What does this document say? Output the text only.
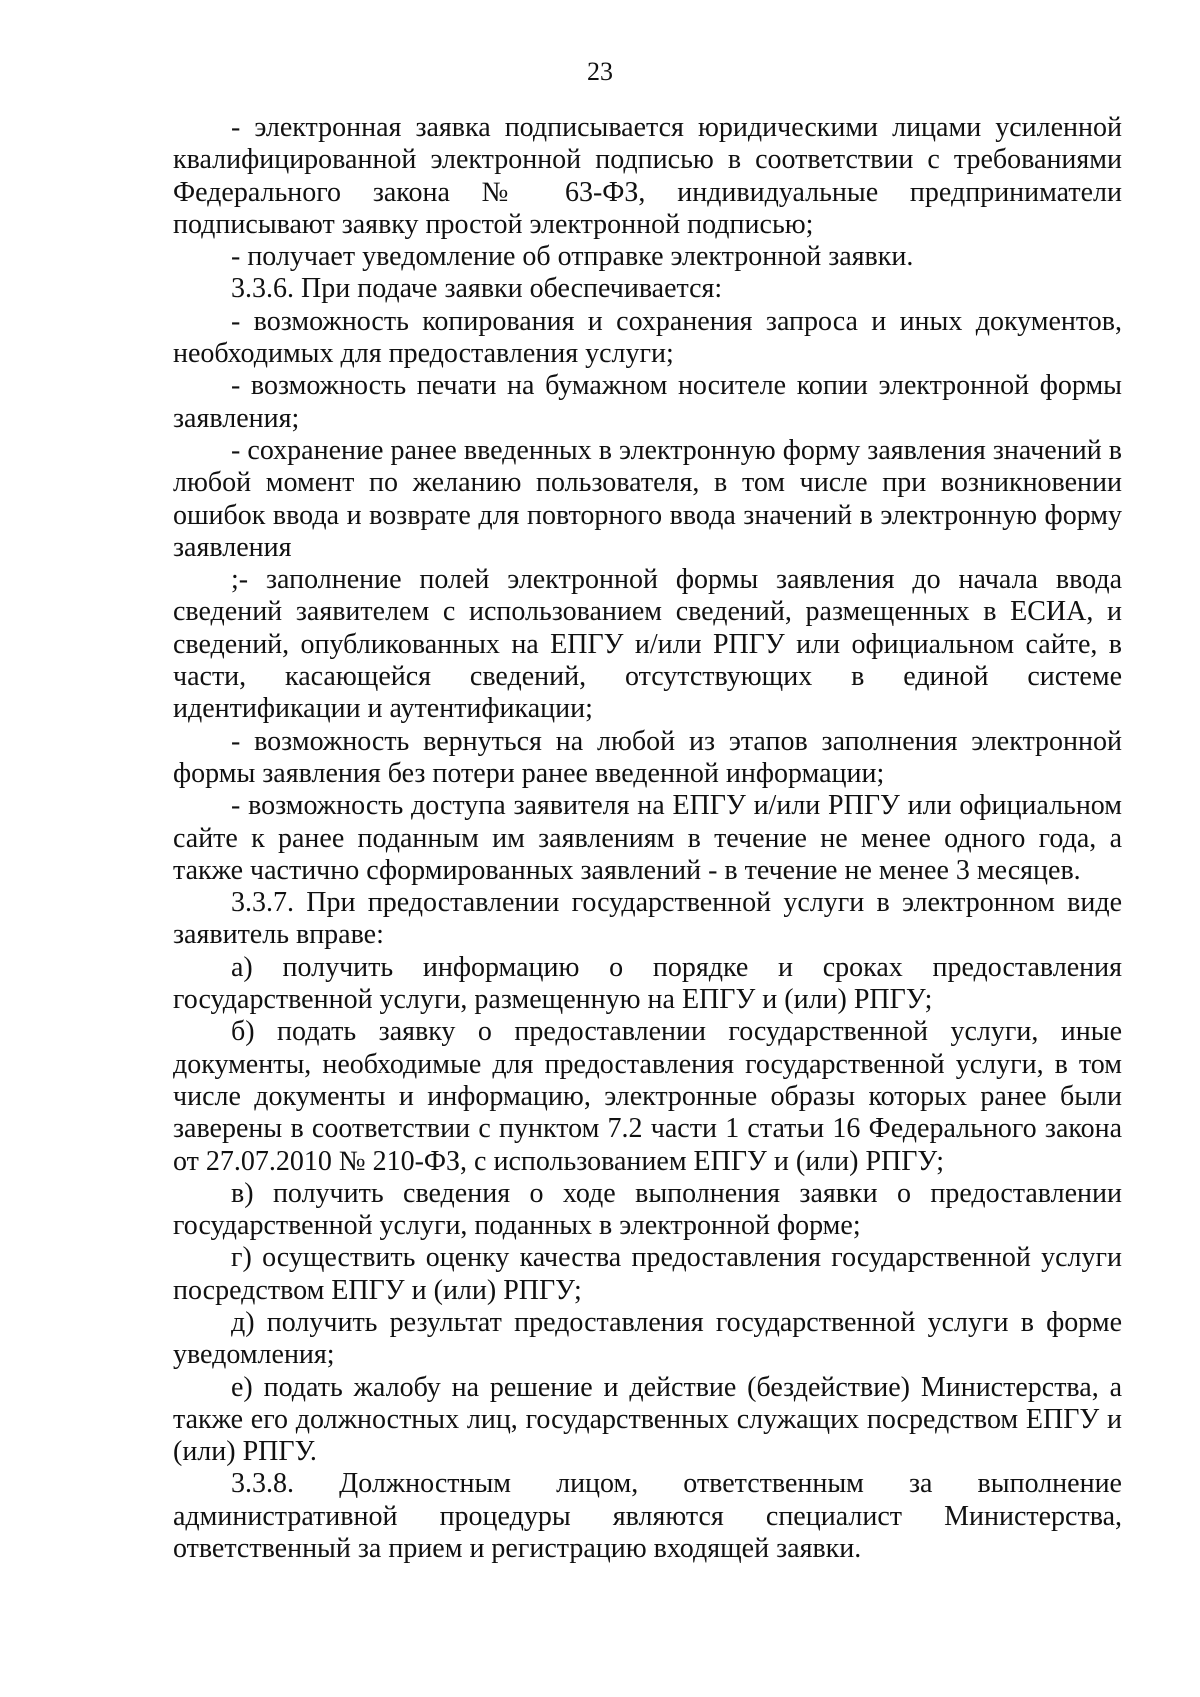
23

- электронная заявка подписывается юридическими лицами усиленной квалифицированной электронной подписью в соответствии с требованиями Федерального закона № 63-ФЗ, индивидуальные предприниматели подписывают заявку простой электронной подписью;

- получает уведомление об отправке электронной заявки.

3.3.6. При подаче заявки обеспечивается:

- возможность копирования и сохранения запроса и иных документов, необходимых для предоставления услуги;

- возможность печати на бумажном носителе копии электронной формы заявления;

- сохранение ранее введенных в электронную форму заявления значений в любой момент по желанию пользователя, в том числе при возникновении ошибок ввода и возврате для повторного ввода значений в электронную форму заявления

;- заполнение полей электронной формы заявления до начала ввода сведений заявителем с использованием сведений, размещенных в ЕСИА, и сведений, опубликованных на ЕПГУ и/или РПГУ или официальном сайте, в части, касающейся сведений, отсутствующих в единой системе идентификации и аутентификации;

- возможность вернуться на любой из этапов заполнения электронной формы заявления без потери ранее введенной информации;

- возможность доступа заявителя на ЕПГУ и/или РПГУ или официальном сайте к ранее поданным им заявлениям в течение не менее одного года, а также частично сформированных заявлений - в течение не менее 3 месяцев.

3.3.7. При предоставлении государственной услуги в электронном виде заявитель вправе:

а) получить информацию о порядке и сроках предоставления государственной услуги, размещенную на ЕПГУ и (или) РПГУ;

б) подать заявку о предоставлении государственной услуги, иные документы, необходимые для предоставления государственной услуги, в том числе документы и информацию, электронные образы которых ранее были заверены в соответствии с пунктом 7.2 части 1 статьи 16 Федерального закона от 27.07.2010 № 210-ФЗ, с использованием ЕПГУ и (или) РПГУ;

в) получить сведения о ходе выполнения заявки о предоставлении государственной услуги, поданных в электронной форме;

г) осуществить оценку качества предоставления государственной услуги посредством ЕПГУ и (или) РПГУ;

д) получить результат предоставления государственной услуги в форме уведомления;

е) подать жалобу на решение и действие (бездействие) Министерства, а также его должностных лиц, государственных служащих посредством ЕПГУ и (или) РПГУ.

3.3.8. Должностным лицом, ответственным за выполнение административной процедуры являются специалист Министерства, ответственный за прием и регистрацию входящей заявки.
